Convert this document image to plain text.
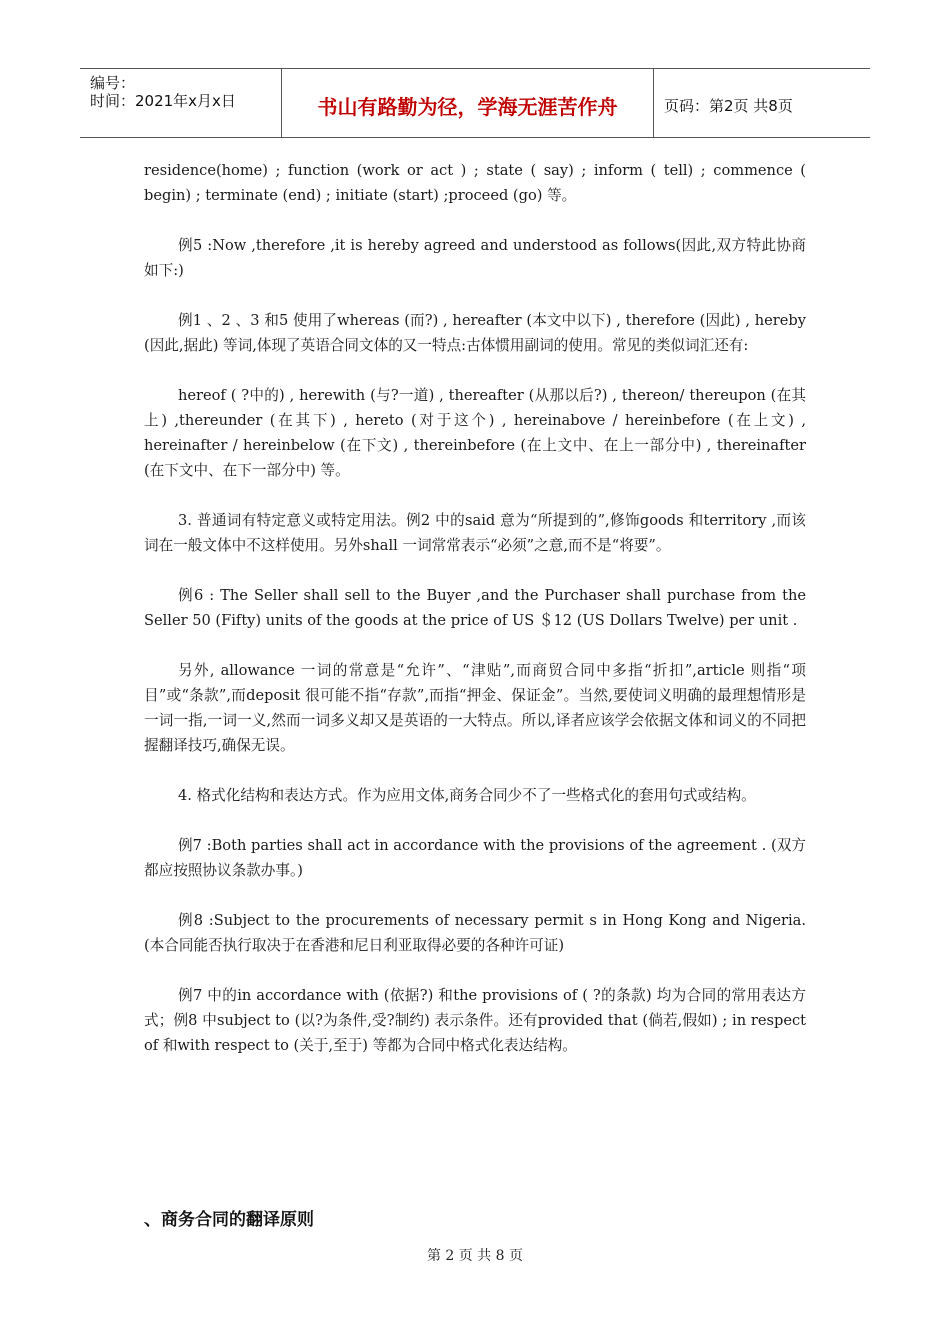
编号：
时间：2021年x月x日	书山有路勤为径，学海无涯苦作舟	页码：第2页 共8页

residence(home) ; function (work or act ) ; state ( say) ; inform ( tell) ; commence ( begin) ; terminate (end) ; initiate (start) ;proceed (go) 等。

例5 :Now ,therefore ,it is hereby agreed and understood as follows(因此,双方特此协商如下:)

例1 、2 、3 和5 使用了whereas (而?) , hereafter (本文中以下) , therefore (因此) , hereby (因此,据此) 等词,体现了英语合同文体的又一特点:古体惯用副词的使用。常见的类似词汇还有:

hereof ( ?中的) , herewith (与?一道) , thereafter (从那以后?) , thereon/ thereupon (在其上) ,thereunder (在其下) , hereto (对于这个) , hereinabove / hereinbefore (在上文) , hereinafter / hereinbelow (在下文) , thereinbefore (在上文中、在上一部分中) , thereinafter (在下文中、在下一部分中) 等。

3. 普通词有特定意义或特定用法。例2 中的said 意为“所提到的”,修饰goods 和territory ,而该词在一般文体中不这样使用。另外shall 一词常常表示“必须”之意,而不是“将要”。

例6 : The Seller shall sell to the Buyer ,and the Purchaser shall purchase from the Seller 50 (Fifty) units of the goods at the price of US ＄12 (US Dollars Twelve) per unit .

另外, allowance 一词的常意是“允许”、“津贴”,而商贸合同中多指“折扣”,article 则指“项目”或“条款”,而deposit 很可能不指“存款”,而指“押金、保证金”。当然,要使词义明确的最理想情形是一词一指,一词一义,然而一词多义却又是英语的一大特点。所以,译者应该学会依据文体和词义的不同把握翻译技巧,确保无误。

4. 格式化结构和表达方式。作为应用文体,商务合同少不了一些格式化的套用句式或结构。

例7 :Both parties shall act in accordance with the provisions of the agreement . (双方都应按照协议条款办事。)

例8 :Subject to the procurements of necessary permit s in Hong Kong and Nigeria. (本合同能否执行取决于在香港和尼日利亚取得必要的各种许可证)

例7 中的in accordance with (依据?) 和the provisions of ( ?的条款) 均为合同的常用表达方式；例8 中subject to (以?为条件,受?制约) 表示条件。还有provided that (倘若,假如) ; in respect of 和with respect to (关于,至于) 等都为合同中格式化表达结构。

、商务合同的翻译原则
第 2 页 共 8 页
